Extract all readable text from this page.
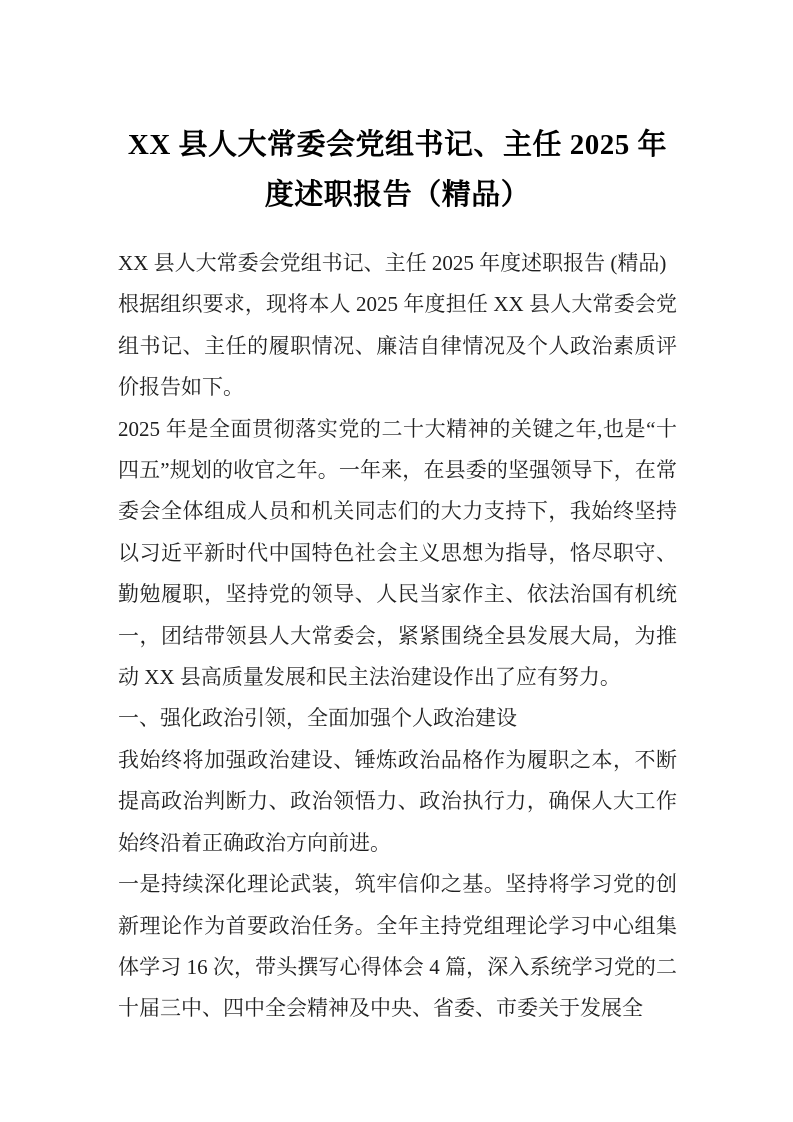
XX 县人大常委会党组书记、主任 2025 年度述职报告（精品）

XX 县人大常委会党组书记、主任 2025 年度述职报告 (精品)

根据组织要求，现将本人 2025 年度担任 XX 县人大常委会党组书记、主任的履职情况、廉洁自律情况及个人政治素质评价报告如下。

2025 年是全面贯彻落实党的二十大精神的关键之年,也是“十四五”规划的收官之年。一年来，在县委的坚强领导下，在常委会全体组成人员和机关同志们的大力支持下，我始终坚持以习近平新时代中国特色社会主义思想为指导，恪尽职守、勤勉履职，坚持党的领导、人民当家作主、依法治国有机统一，团结带领县人大常委会，紧紧围绕全县发展大局，为推动 XX 县高质量发展和民主法治建设作出了应有努力。

一、强化政治引领，全面加强个人政治建设

我始终将加强政治建设、锤炼政治品格作为履职之本，不断提高政治判断力、政治领悟力、政治执行力，确保人大工作始终沿着正确政治方向前进。

一是持续深化理论武装，筑牢信仰之基。坚持将学习党的创新理论作为首要政治任务。全年主持党组理论学习中心组集体学习 16 次，带头撰写心得体会 4 篇，深入系统学习党的二十届三中、四中全会精神及中央、省委、市委关于发展全
